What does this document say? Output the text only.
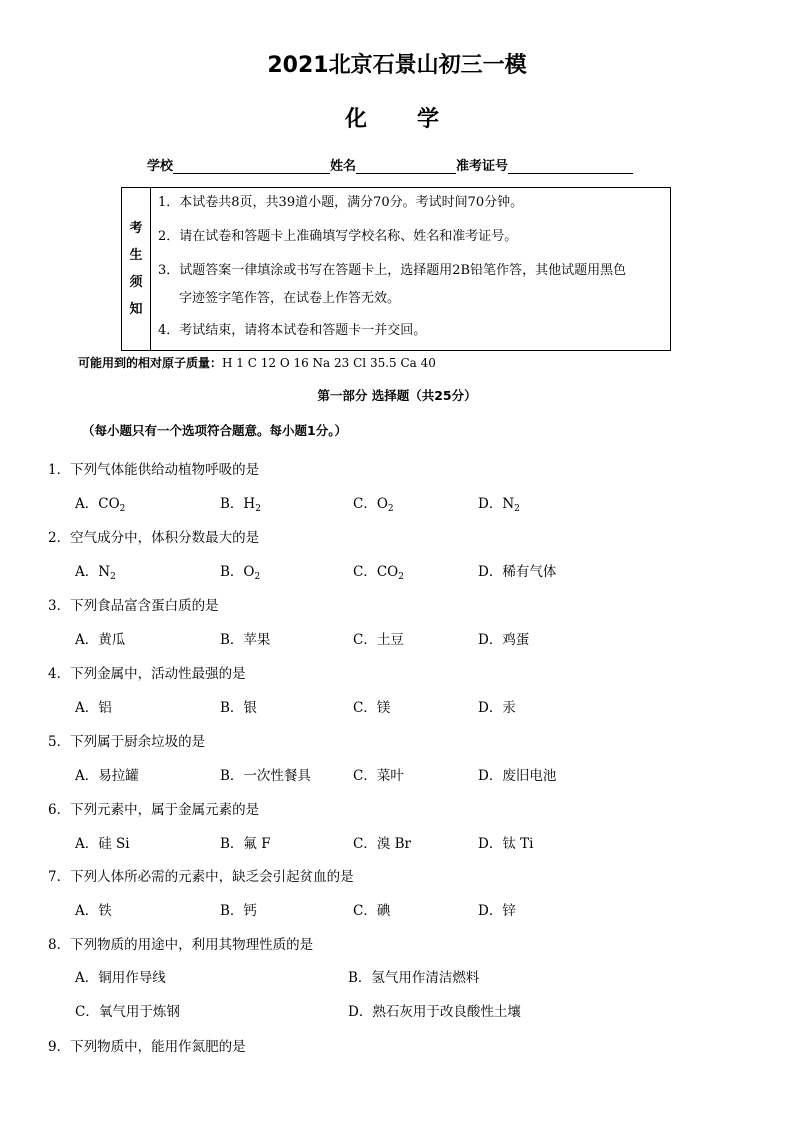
2021北京石景山初三一模
化 学
学校	姓名	准考证号
考
生
须
知
1．本试卷共8页，共39道小题，满分70分。考试时间70分钟。
2．请在试卷和答题卡上准确填写学校名称、姓名和准考证号。
3．试题答案一律填涂或书写在答题卡上，选择题用2B铅笔作答，其他试题用黑色
字迹签字笔作答，在试卷上作答无效。
4．考试结束，请将本试卷和答题卡一并交回。
可能用到的相对原子质量：H 1 C 12 O 16 Na 23 Cl 35.5 Ca 40
第一部分 选择题（共25分）
（每小题只有一个选项符合题意。每小题1分。）
1．下列气体能供给动植物呼吸的是
A．$CO_2$	B．$H_2$	C．$O_2$	D．$N_2$
2．空气成分中，体积分数最大的是
A．$N_2$	B．$O_2$	C．$CO_2$	D．稀有气体
3．下列食品富含蛋白质的是
A．黄瓜	B．苹果	C．土豆	D．鸡蛋
4．下列金属中，活动性最强的是
A．铝	B．银	C．镁	D．汞
5．下列属于厨余垃圾的是
A．易拉罐	B．一次性餐具	C．菜叶	D．废旧电池
6．下列元素中，属于金属元素的是
A．硅 Si	B．氟 F	C．溴 Br	D．钛 Ti
7．下列人体所必需的元素中，缺乏会引起贫血的是
A．铁	B．钙	C．碘	D．锌
8．下列物质的用途中，利用其物理性质的是
A．铜用作导线	B．氢气用作清洁燃料
C．氧气用于炼钢	D．熟石灰用于改良酸性土壤
9．下列物质中，能用作氮肥的是
